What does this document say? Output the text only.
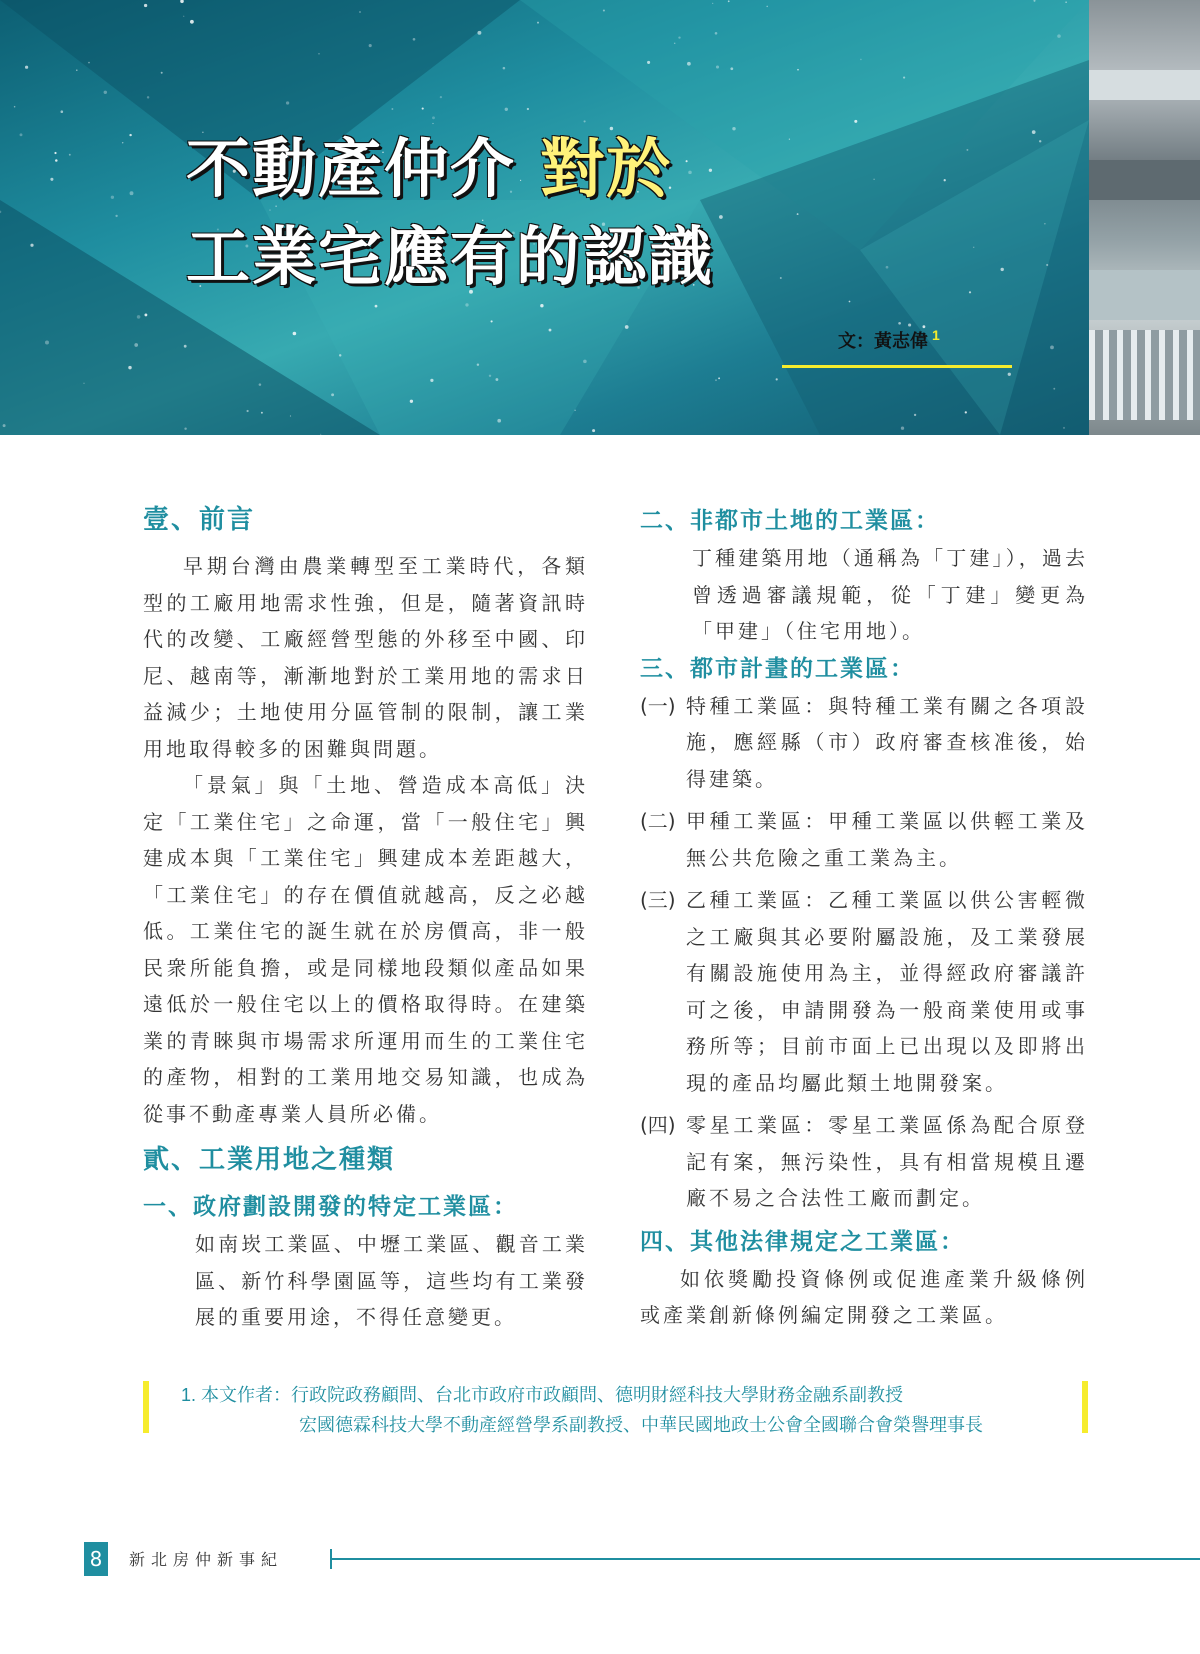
不動產仲介 對於
工業宅應有的認識
文：黃志偉 $^1$
壹、前言

早期台灣由農業轉型至工業時代，各類型的工廠用地需求性強，但是，隨著資訊時代的改變、工廠經營型態的外移至中國、印尼、越南等，漸漸地對於工業用地的需求日益減少；土地使用分區管制的限制，讓工業用地取得較多的困難與問題。

「景氣」與「土地、營造成本高低」決定「工業住宅」之命運，當「一般住宅」興建成本與「工業住宅」興建成本差距越大，「工業住宅」的存在價值就越高，反之必越低。工業住宅的誕生就在於房價高，非一般民衆所能負擔，或是同樣地段類似產品如果遠低於一般住宅以上的價格取得時。在建築業的青睞與市場需求所運用而生的工業住宅的產物，相對的工業用地交易知識，也成為從事不動產專業人員所必備。

貳、工業用地之種類
一、政府劃設開發的特定工業區：

如南崁工業區、中壢工業區、觀音工業區、新竹科學園區等，這些均有工業發展的重要用途，不得任意變更。

二、非都市土地的工業區：

丁種建築用地（通稱為「丁建」），過去曾透過審議規範，從「丁建」變更為「甲建」（住宅用地）。

三、都市計畫的工業區：
(一) 特種工業區：與特種工業有關之各項設施，應經縣（市）政府審查核准後，始得建築。
(二) 甲種工業區：甲種工業區以供輕工業及無公共危險之重工業為主。
(三) 乙種工業區：乙種工業區以供公害輕微之工廠與其必要附屬設施，及工業發展有關設施使用為主，並得經政府審議許可之後，申請開發為一般商業使用或事務所等；目前市面上已出現以及即將出現的產品均屬此類土地開發案。
(四) 零星工業區：零星工業區係為配合原登記有案，無污染性，具有相當規模且遷廠不易之合法性工廠而劃定。
四、其他法律規定之工業區：

如依獎勵投資條例或促進產業升級條例或產業創新條例編定開發之工業區。

1. 本文作者：行政院政務顧問、台北市政府市政顧問、德明財經科技大學財務金融系副教授
宏國德霖科技大學不動產經營學系副教授、中華民國地政士公會全國聯合會榮譽理事長
8	新北房仲新事紀
